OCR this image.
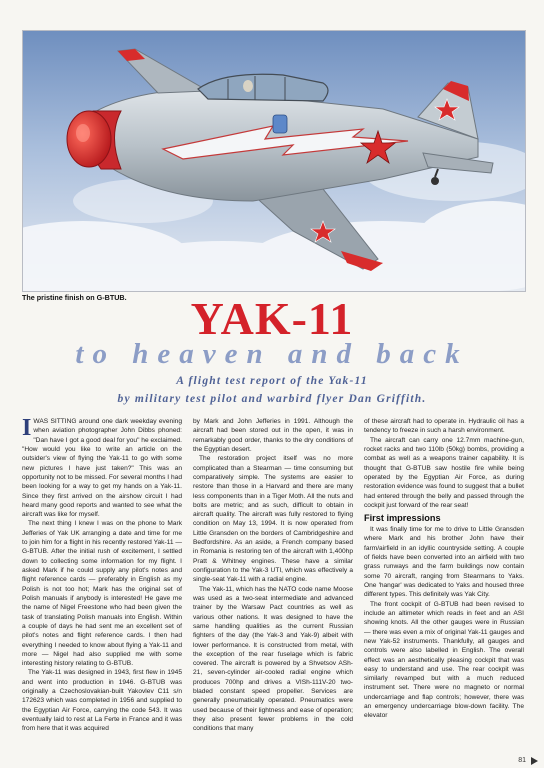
The pristine finish on G-BTUB.	YAK-11
to heaven and back
A flight test report of the Yak-11
by military test pilot and warbird flyer Dan Griffith.

IWAS SITTING around one dark weekday evening when aviation photographer John Dibbs phoned: "Dan have I got a good deal for you" he exclaimed. "How would you like to write an article on the outsider's view of flying the Yak-11 to go with some new pictures I have just taken?" This was an opportunity not to be missed. For several months I had been looking for a way to get my hands on a Yak-11. Since they first arrived on the airshow circuit I had heard many good reports and wanted to see what the aircraft was like for myself.

The next thing I knew I was on the phone to Mark Jefferies of Yak UK arranging a date and time for me to join him for a flight in his recently restored Yak-11 — G-BTUB. After the initial rush of excitement, I settled down to collecting some information for my flight. I asked Mark if he could supply any pilot's notes and flight reference cards — preferably in English as my Polish is not too hot; Mark has the original set of Polish manuals if anybody is interested! He gave me the name of Nigel Freestone who had been given the task of translating Polish manuals into English. Within a couple of days he had sent me an excellent set of pilot's notes and flight reference cards. I then had everything I needed to know about flying a Yak-11 and more — Nigel had also supplied me with some interesting history relating to G-BTUB.

The Yak-11 was designed in 1943, first flew in 1945 and went into production in 1946. G-BTUB was originally a Czechoslovakian-built Yakovlev C11 s/n 172623 which was completed in 1956 and supplied to the Egyptian Air Force, carrying the code 543. It was eventually laid to rest at La Ferte in France and it was from here that it was acquired

by Mark and John Jefferies in 1991. Although the aircraft had been stored out in the open, it was in remarkably good order, thanks to the dry conditions of the Egyptian desert.

The restoration project itself was no more complicated than a Stearman — time consuming but comparatively simple. The systems are easier to restore than those in a Harvard and there are many less components than in a Tiger Moth. All the nuts and bolts are metric; and as such, difficult to obtain in aircraft quality. The aircraft was fully restored to flying condition on May 13, 1994. It is now operated from Little Gransden on the borders of Cambridgeshire and Bedfordshire. As an aside, a French company based in Romania is restoring ten of the aircraft with 1,400hp Pratt & Whitney engines. These have a similar configuration to the Yak-3 UTI, which was effectively a single-seat Yak-11 with a radial engine.

The Yak-11, which has the NATO code name Moose was used as a two-seat intermediate and advanced trainer by the Warsaw Pact countries as well as various other nations. It was designed to have the same handling qualities as the current Russian fighters of the day (the Yak-3 and Yak-9) albeit with lower performance. It is constructed from metal, with the exception of the rear fuselage which is fabric covered. The aircraft is powered by a Shvetsov ASh-21, seven-cylinder air-cooled radial engine which produces 700hp and drives a VISh-111V-20 two-bladed constant speed propeller. Services are generally pneumatically operated. Pneumatics were used because of their lightness and ease of operation; they also present fewer problems in the cold conditions that many

of these aircraft had to operate in. Hydraulic oil has a tendency to freeze in such a harsh environment.

The aircraft can carry one 12.7mm machine-gun, rocket racks and two 110lb (50kg) bombs, providing a combat as well as a weapons trainer capability. It is thought that G-BTUB saw hostile fire while being operated by the Egyptian Air Force, as during restoration evidence was found to suggest that a bullet had entered through the belly and passed through the cockpit just forward of the rear seat!

First impressions

It was finally time for me to drive to Little Gransden where Mark and his brother John have their farm/airfield in an idyllic countryside setting. A couple of fields have been converted into an airfield with two grass runways and the farm buildings now contain some 70 aircraft, ranging from Stearmans to Yaks. One 'hangar' was dedicated to Yaks and housed three different types. This definitely was Yak City.

The front cockpit of G-BTUB had been revised to include an altimeter which reads in feet and an ASI showing knots. All the other gauges were in Russian — there was even a mix of original Yak-11 gauges and new Yak-52 instruments. Thankfully, all gauges and controls were also labelled in English. The overall effect was an aesthetically pleasing cockpit that was easy to understand and use. The rear cockpit was similarly revamped but with a much reduced instrument set. There were no magneto or normal undercarriage and flap controls; however, there was an emergency undercarriage blow-down facility. The elevator

81
